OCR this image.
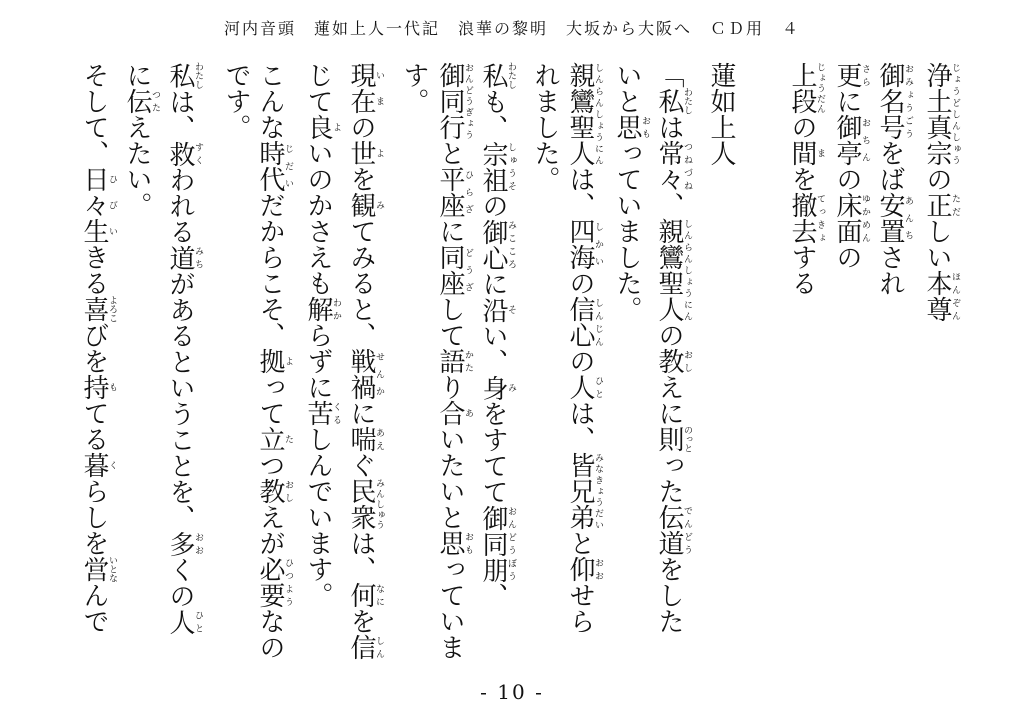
河内音頭　蓮如上人一代記　浪華の黎明　大坂から大阪へ　ＣＤ用　４
浄土真宗じょうどしんしゅうの正ただしい本尊ほんぞん
御名号おみょうごうをば安置あんちされ
更さらに御亭おちんの床面ゆかめんの
上段じょうだんの間まを撤去てっきょする
蓮如上人
「私わたしは常々つねづね、親鸞聖人しんらんしょうにんの教おしえに則のっとった伝道でんどうをした
いと思おもっていました。
親鸞聖人しんらんしょうにんは、四海しかいの信心しんじんの人ひとは、皆兄弟みなきょうだいと仰おおせら
れました。
私わたしも、宗祖しゅうその御心みこころに沿そい、身みをすてて御同朋おんどうぼう、
御同行おんどうぎょうと平座ひらざに同座どうざして語かたり合あいたいと思おもっていま
す。
現在いまの世よを観みてみると、戦禍せんかに喘あえぐ民衆みんしゅうは、何なにを信しん
じて良よいのかさえも解わからずに苦くるしんでいます。
こんな時代じだいだからこそ、拠よって立たつ教おしえが必要ひつようなの
です。
私わたしは、救すくわれる道みちがあるということを、多おおくの人ひと
に伝つたえたい。
そして、日々ひび生いきる喜よろこびを持もてる暮くらしを営いとなんで
- 10 -
